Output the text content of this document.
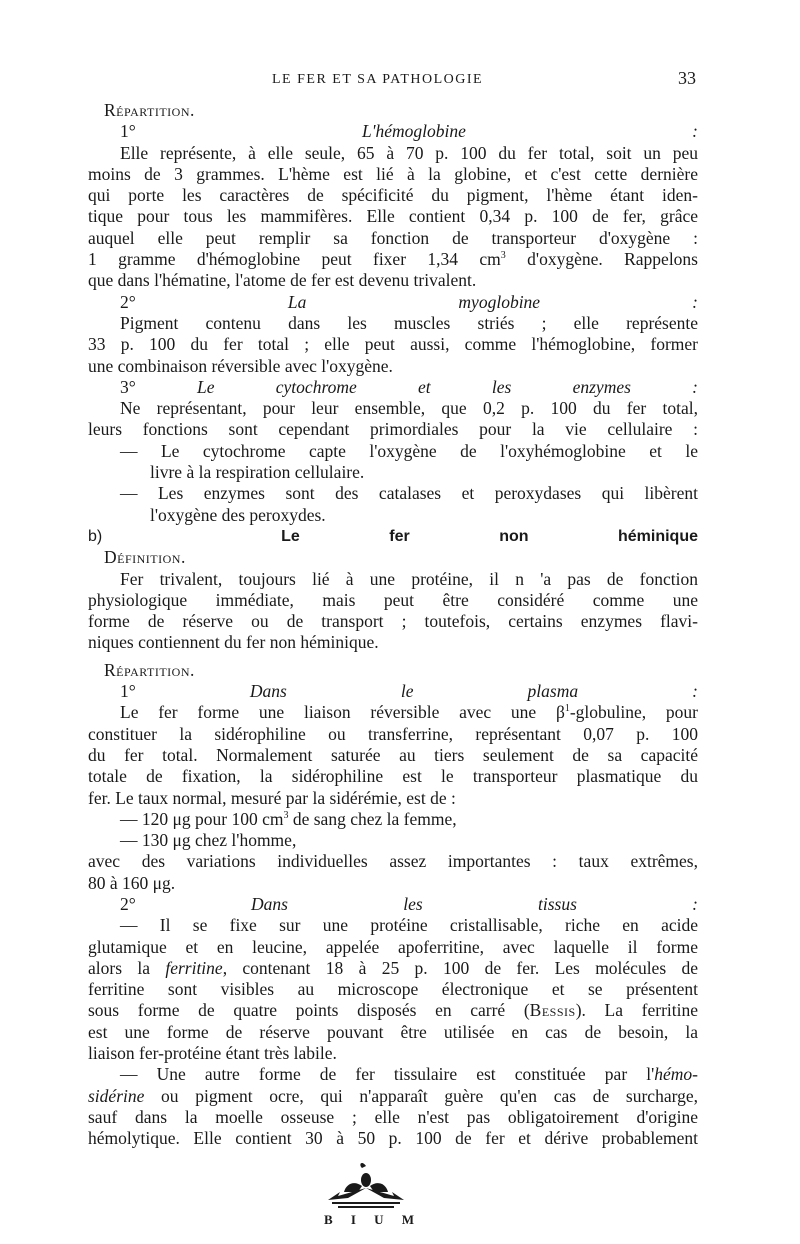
LE FER ET SA PATHOLOGIE	33

Répartition.

1°	L'hémoglobine :

Elle représente, à elle seule, 65 à 70 p. 100 du fer total, soit un peu

moins de 3 grammes. L'hème est lié à la globine, et c'est cette dernière

qui porte les caractères de spécificité du pigment, l'hème étant iden-

tique pour tous les mammifères. Elle contient 0,34 p. 100 de fer, grâce

auquel elle peut remplir sa fonction de transporteur d'oxygène :

1 gramme d'hémoglobine peut fixer 1,34 $cm^3$ d'oxygène. Rappelons

que dans l'hématine, l'atome de fer est devenu trivalent.

2°	La myoglobine :

Pigment contenu dans les muscles striés ; elle représente

33 p. 100 du fer total ; elle peut aussi, comme l'hémoglobine, former

une combinaison réversible avec l'oxygène.

3°	Le cytochrome et les enzymes :

Ne représentant, pour leur ensemble, que 0,2 p. 100 du fer total,

leurs fonctions sont cependant primordiales pour la vie cellulaire :

— Le cytochrome capte l'oxygène de l'oxyhémoglobine et le

livre à la respiration cellulaire.

— Les enzymes sont des catalases et peroxydases qui libèrent

l'oxygène des peroxydes.

b)	Le fer non héminique

Définition.

Fer trivalent, toujours lié à une protéine, il n 'a pas de fonction

physiologique immédiate, mais peut être considéré comme une

forme de réserve ou de transport ; toutefois, certains enzymes flavi-

niques contiennent du fer non héminique.

Répartition.

1°	Dans le plasma :

Le fer forme une liaison réversible avec une $\beta^1$-globuline, pour

constituer la sidérophiline ou transferrine, représentant 0,07 p. 100

du fer total. Normalement saturée au tiers seulement de sa capacité

totale de fixation, la sidérophiline est le transporteur plasmatique du

fer. Le taux normal, mesuré par la sidérémie, est de :

— 120 μg pour 100 $cm^3$ de sang chez la femme,

— 130 μg chez l'homme,

avec des variations individuelles assez importantes : taux extrêmes,

80 à 160 μg.

2°	Dans les tissus :

— Il se fixe sur une protéine cristallisable, riche en acide

glutamique et en leucine, appelée apoferritine, avec laquelle il forme

alors la ferritine, contenant 18 à 25 p. 100 de fer. Les molécules de

ferritine sont visibles au microscope électronique et se présentent

sous forme de quatre points disposés en carré (Bessis). La ferritine

est une forme de réserve pouvant être utilisée en cas de besoin, la

liaison fer-protéine étant très labile.

— Une autre forme de fer tissulaire est constituée par l'hémo-

sidérine ou pigment ocre, qui n'apparaît guère qu'en cas de surcharge,

sauf dans la moelle osseuse ; elle n'est pas obligatoirement d'origine

hémolytique. Elle contient 30 à 50 p. 100 de fer et dérive probablement

B I U M
